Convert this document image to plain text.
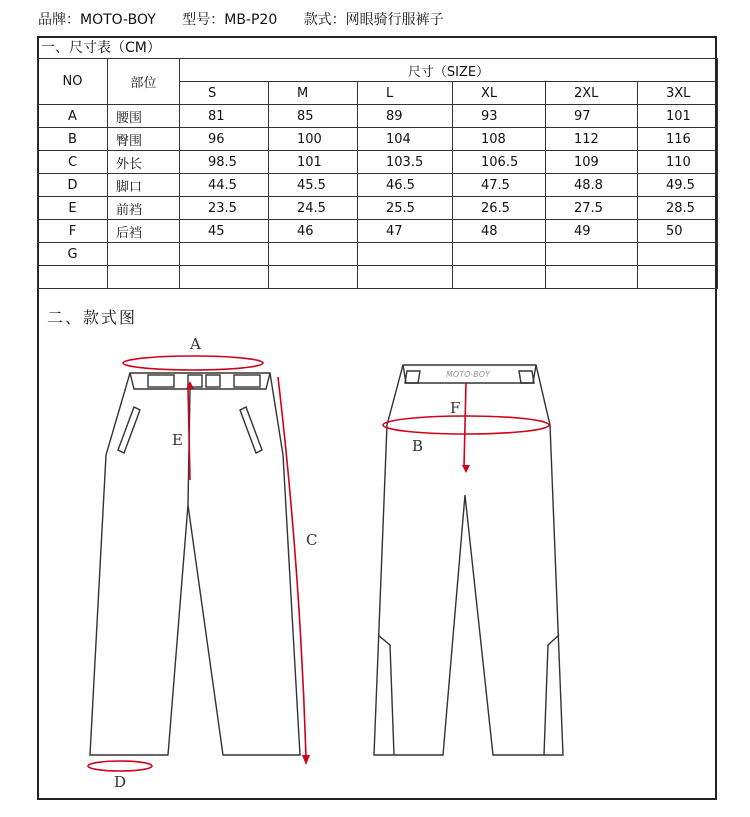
品牌：MOTO-BOY 型号：MB-P20 款式：网眼骑行服裤子
一、尺寸表（CM）
NO	部位	尺寸（SIZE）					
		S	M	L	XL	2XL	3XL
A	腰围	81	85	89	93	97	101
B	臀围	96	100	104	108	112	116
C	外长	98.5	101	103.5	106.5	109	110
D	脚口	44.5	45.5	46.5	47.5	48.8	49.5
E	前裆	23.5	24.5	25.5	26.5	27.5	28.5
F	后裆	45	46	47	48	49	50
G							

二、款式图
MOTO-BOY
A
E
C
D
F
B
